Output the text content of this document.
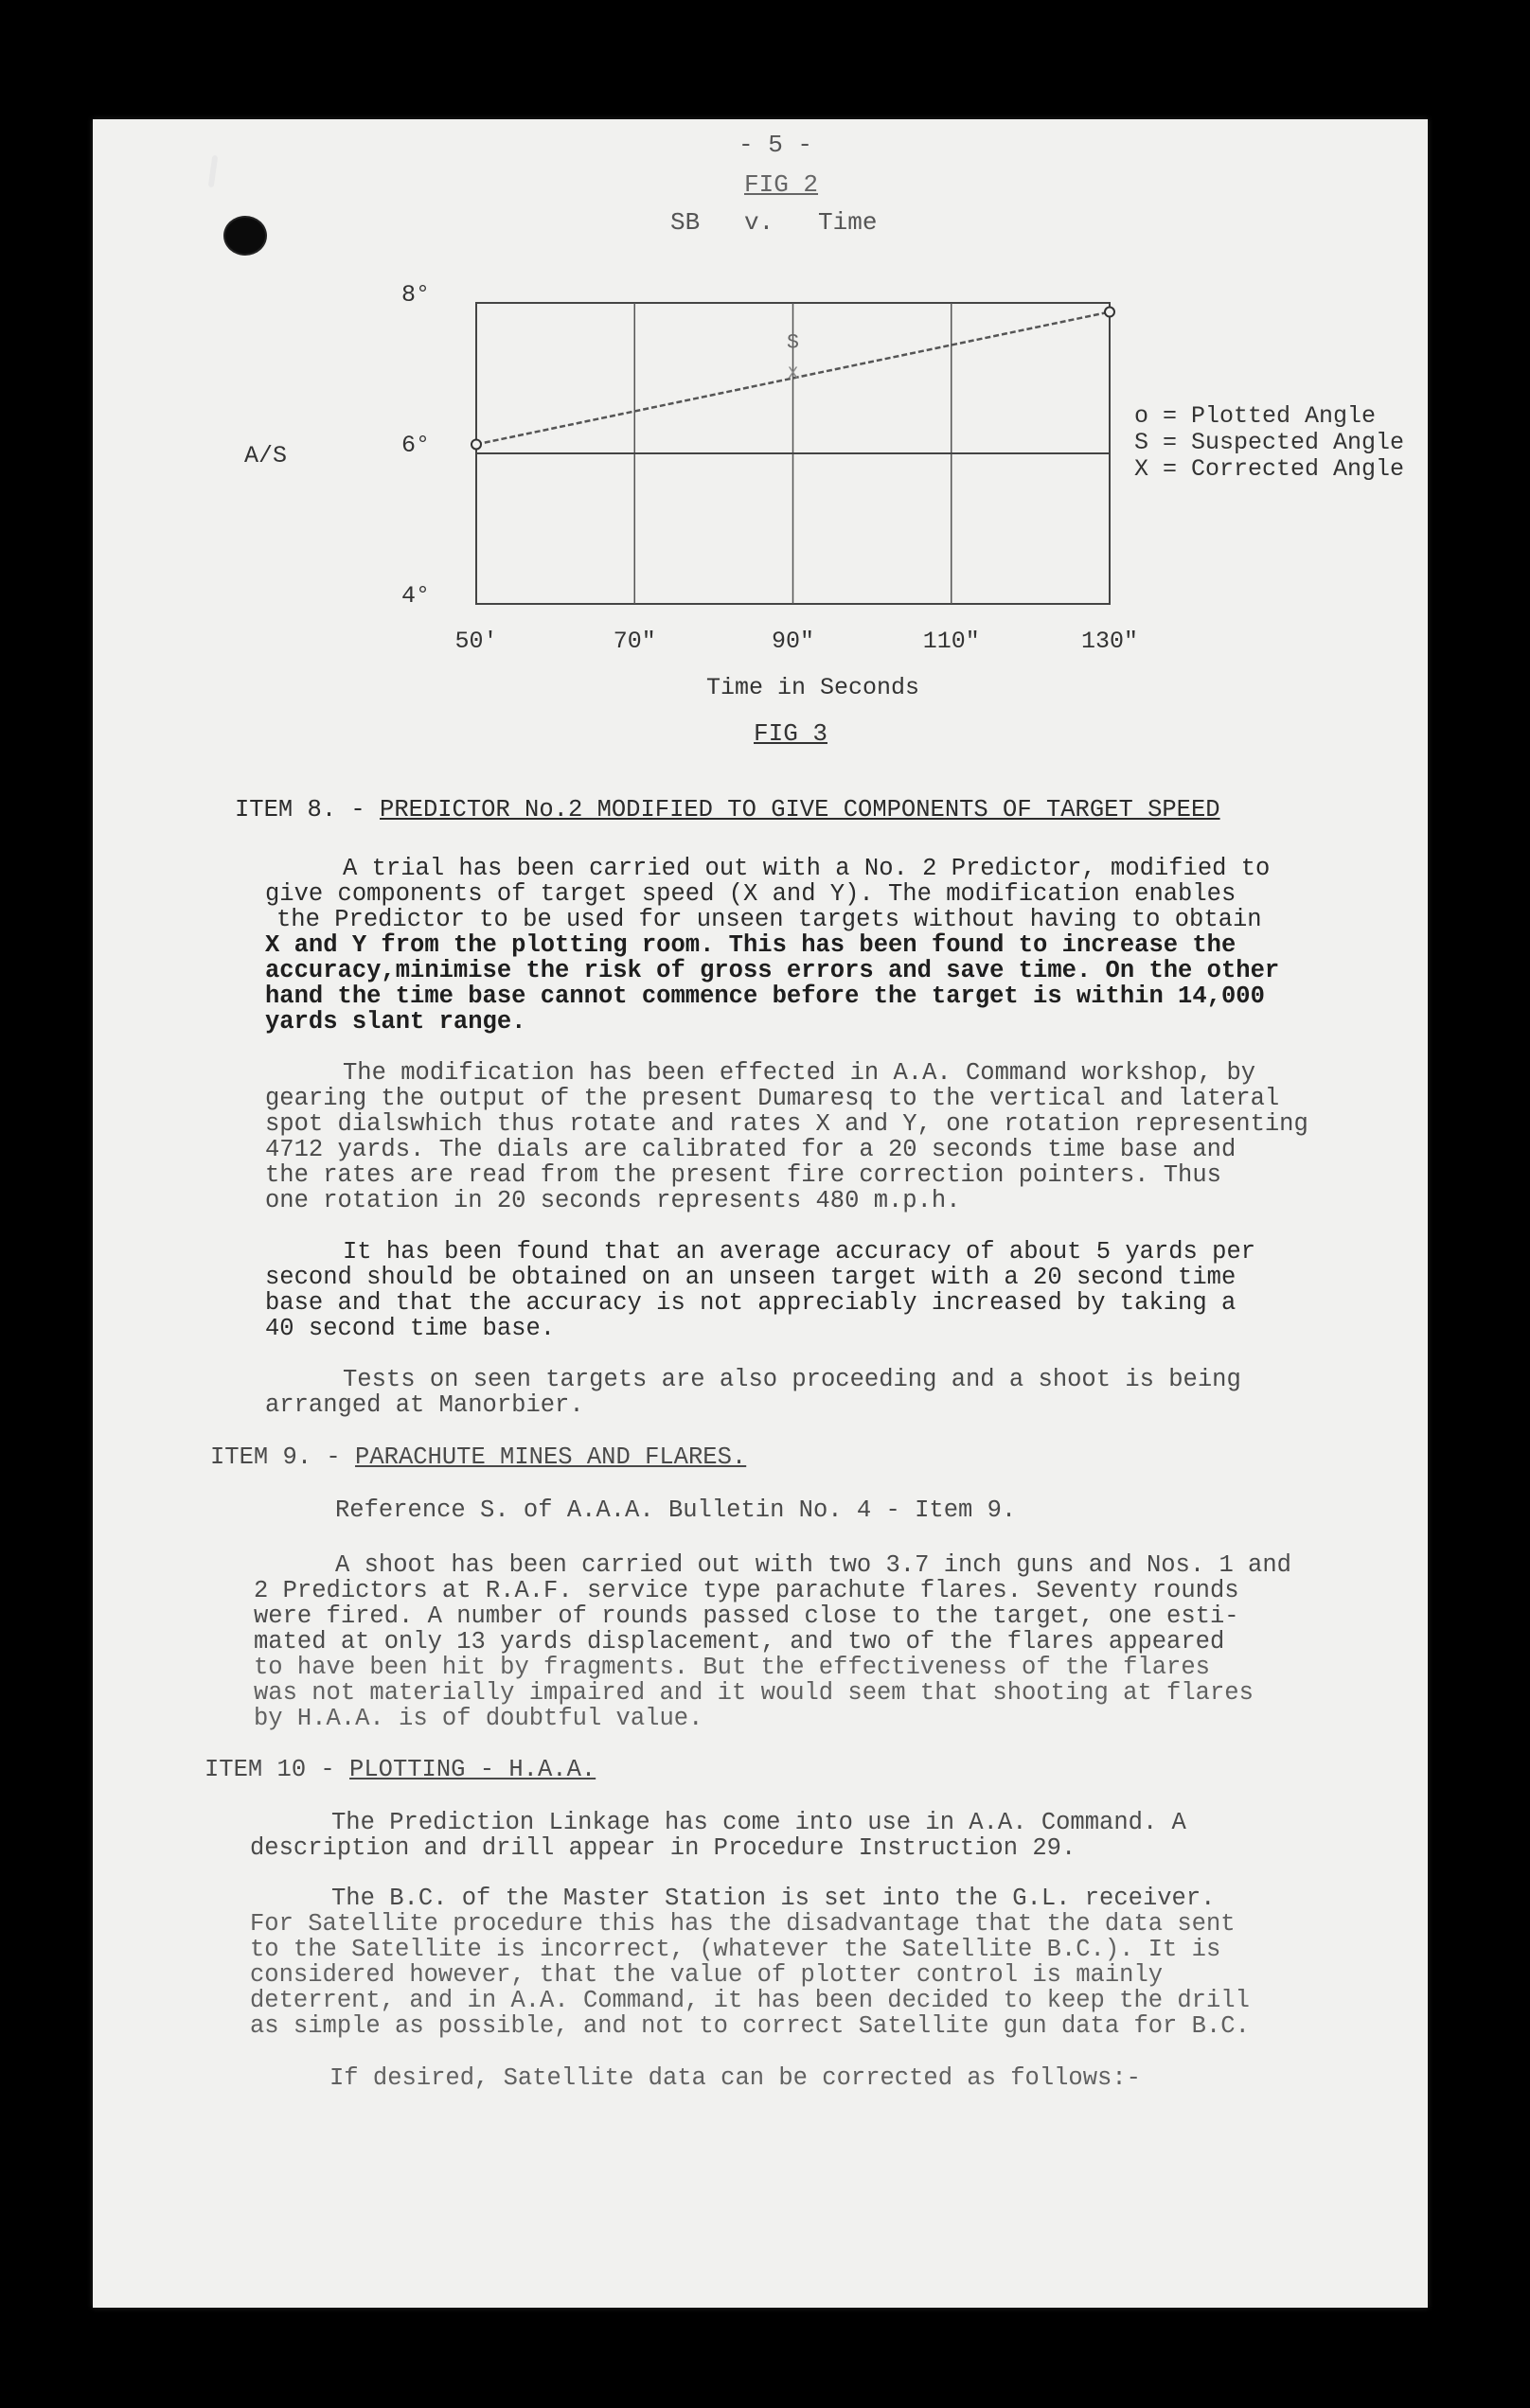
- 5 -
FIG 2
SB   v.   Time
S
X
8°
6°
4°
A/S
50'	70"	90"	110"	130"
o = Plotted Angle
S = Suspected Angle
X = Corrected Angle
Time in Seconds
FIG 3
ITEM 8. - PREDICTOR No.2 MODIFIED TO GIVE COMPONENTS OF TARGET SPEED
A trial has been carried out with a No. 2 Predictor, modified to
give components of target speed (X and Y). The modification enables
the Predictor to be used for unseen targets without having to obtain
X and Y from the plotting room. This has been found to increase the
accuracy,minimise the risk of gross errors and save time. On the other
hand the time base cannot commence before the target is within 14,000
yards slant range.
The modification has been effected in A.A. Command workshop, by
gearing the output of the present Dumaresq to the vertical and lateral
spot dialswhich thus rotate and rates X and Y, one rotation representing
4712 yards. The dials are calibrated for a 20 seconds time base and
the rates are read from the present fire correction pointers. Thus
one rotation in 20 seconds represents 480 m.p.h.
It has been found that an average accuracy of about 5 yards per
second should be obtained on an unseen target with a 20 second time
base and that the accuracy is not appreciably increased by taking a
40 second time base.
Tests on seen targets are also proceeding and a shoot is being
arranged at Manorbier.
ITEM 9. - PARACHUTE MINES AND FLARES.
Reference S. of A.A.A. Bulletin No. 4 - Item 9.
A shoot has been carried out with two 3.7 inch guns and Nos. 1 and
2 Predictors at R.A.F. service type parachute flares. Seventy rounds
were fired. A number of rounds passed close to the target, one esti-
mated at only 13 yards displacement, and two of the flares appeared
to have been hit by fragments. But the effectiveness of the flares
was not materially impaired and it would seem that shooting at flares
by H.A.A. is of doubtful value.
ITEM 10 - PLOTTING - H.A.A.
The Prediction Linkage has come into use in A.A. Command. A
description and drill appear in Procedure Instruction 29.
The B.C. of the Master Station is set into the G.L. receiver.
For Satellite procedure this has the disadvantage that the data sent
to the Satellite is incorrect, (whatever the Satellite B.C.). It is
considered however, that the value of plotter control is mainly
deterrent, and in A.A. Command, it has been decided to keep the drill
as simple as possible, and not to correct Satellite gun data for B.C.
If desired, Satellite data can be corrected as follows:-
